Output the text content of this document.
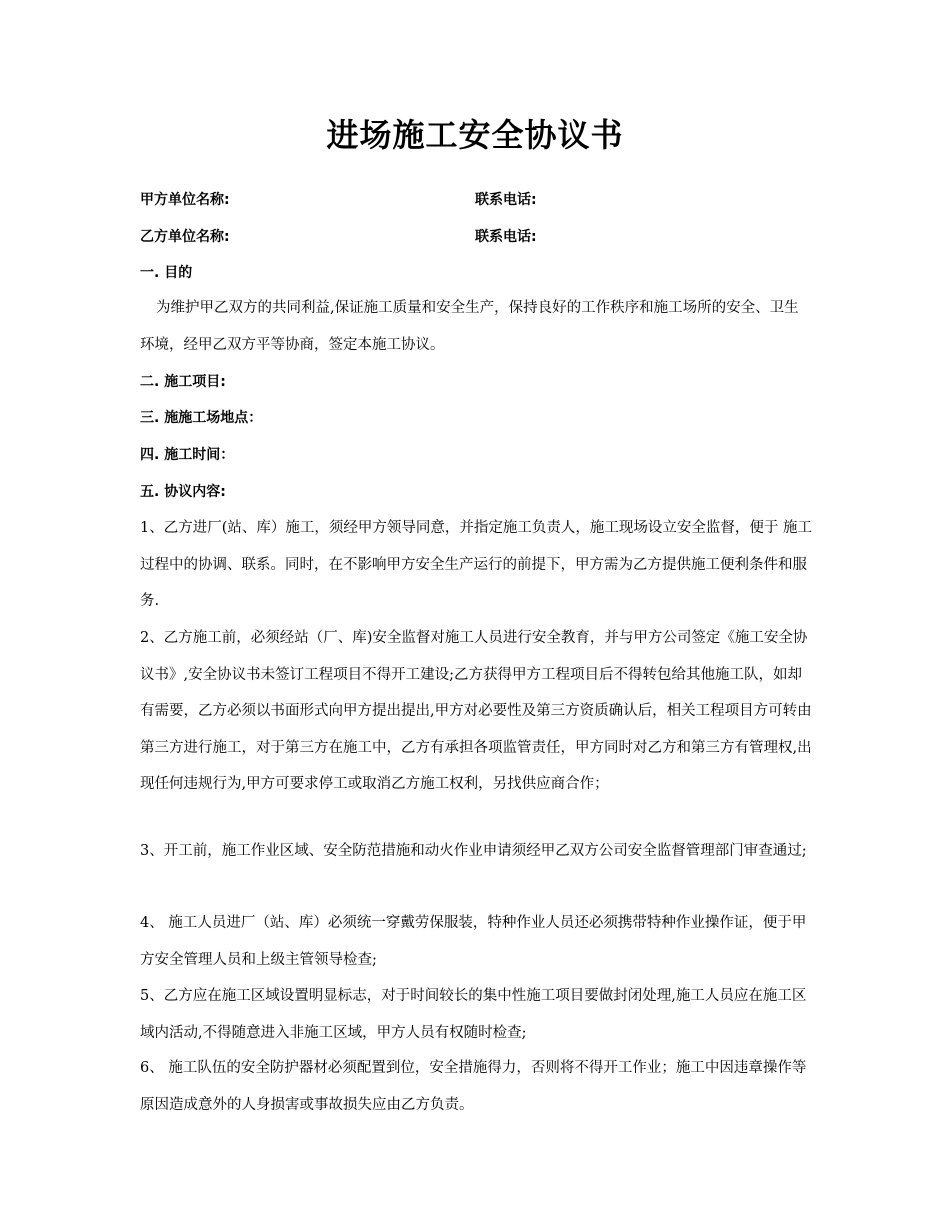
进场施工安全协议书
甲方单位名称:	联系电话:
乙方单位名称:	联系电话:
一. 目的
为维护甲乙双方的共同利益,保证施工质量和安全生产，保持良好的工作秩序和施工场所的安全、卫生环境，经甲乙双方平等协商，签定本施工协议。
二. 施工项目:
三. 施施工场地点：
四. 施工时间：
五. 协议内容:
1、乙方进厂(站、库）施工，须经甲方领导同意，并指定施工负责人，施工现场设立安全监督，便于 施工过程中的协调、联系。同时，在不影响甲方安全生产运行的前提下，甲方需为乙方提供施工便利条件和服务.
2、乙方施工前，必须经站（厂、库)安全监督对施工人员进行安全教育，并与甲方公司签定《施工安全协议书》,安全协议书未签订工程项目不得开工建设;乙方获得甲方工程项目后不得转包给其他施工队，如却有需要，乙方必须以书面形式向甲方提出提出,甲方对必要性及第三方资质确认后，相关工程项目方可转由第三方进行施工，对于第三方在施工中，乙方有承担各项监管责任，甲方同时对乙方和第三方有管理权,出现任何违规行为,甲方可要求停工或取消乙方施工权利，另找供应商合作；
3、开工前，施工作业区域、安全防范措施和动火作业申请须经甲乙双方公司安全监督管理部门审查通过;
4、 施工人员进厂（站、库）必须统一穿戴劳保服装，特种作业人员还必须携带特种作业操作证，便于甲方安全管理人员和上级主管领导检查;
5、乙方应在施工区域设置明显标志，对于时间较长的集中性施工项目要做封闭处理,施工人员应在施工区域内活动,不得随意进入非施工区域，甲方人员有权随时检查;
6、 施工队伍的安全防护器材必须配置到位，安全措施得力，否则将不得开工作业；施工中因违章操作等原因造成意外的人身损害或事故损失应由乙方负责。
